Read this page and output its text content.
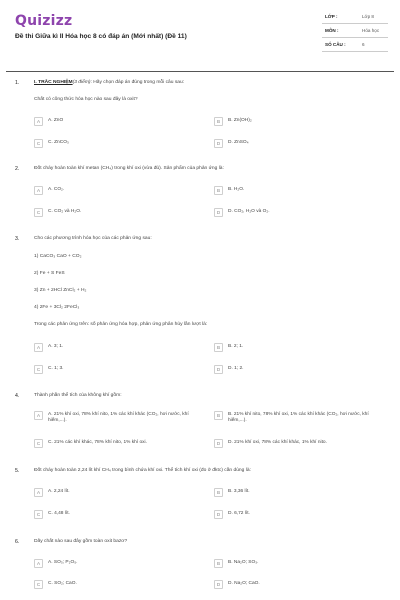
Quizizz
Đề thi Giữa kì II Hóa học 8 có đáp án (Mới nhất) (Đề 11)
LỚP :	Lớp 8
MÔN :	Hóa học
SỐ CÂU :	6
1.	I. TRẮC NGHIỆM(3 điểm): Hãy chọn đáp án đúng trong mỗi câu sau:
Chất có công thức hóa học nào sau đây là oxit?
A	A. ZnO	B	B. Zn(OH)₂
C	C. ZnCO₃	D	D. ZnSO₄
2.	Đốt cháy hoàn toàn khí metan (CH₄) trong khí oxi (vừa đủ). Sản phẩm của phản ứng là:
A	A. CO₂.	B	B. H₂O.
C	C. CO₂ và H₂O.	D	D. CO₂, H₂O và O₂.
3.	Cho các phương trình hóa học của các phản ứng sau:
1) CaCO₃ CaO + CO₂
2) Fe + S FeS
3) Zn + 2HCl ZnCl₂ + H₂
4) 2Fe + 3Cl₂ 2FeCl₃
Trong các phản ứng trên: số phản ứng hóa hợp, phản ứng phân hủy lần lượt là:
A	A. 3; 1.	B	B. 2; 1.
C	C. 1; 3.	D	D. 1; 2.
4.	Thành phần thể tích của không khí gồm:
A	A. 21% khí oxi, 78% khí nito, 1% các khí khác (CO₂, hơi nước, khí hiếm,...).
B	B. 21% khí nito, 78% khí oxi, 1% các khí khác (CO₂, hơi nước, khí hiếm,...).
C	C. 21% các khí khác, 78% khí nito, 1% khí oxi.	D	D. 21% khí oxi, 78% các khí khác, 1% khí nito.
5.	Đốt cháy hoàn toàn 2,24 lít khí CH₄ trong bình chứa khí oxi. Thể tích khí oxi (đo ở đktc) cần dùng là:
A	A. 2,24 lít.	B	B. 3,36 lít.
C	C. 4,48 lít.	D	D. 6,72 lít.
6.	Dãy chất nào sau đây gồm toàn oxit bazơ?
A	A. SO₃; P₂O₅.	B	B. Na₂O; SO₃.
C	C. SO₂; CaO.	D	D. Na₂O; CaO.
